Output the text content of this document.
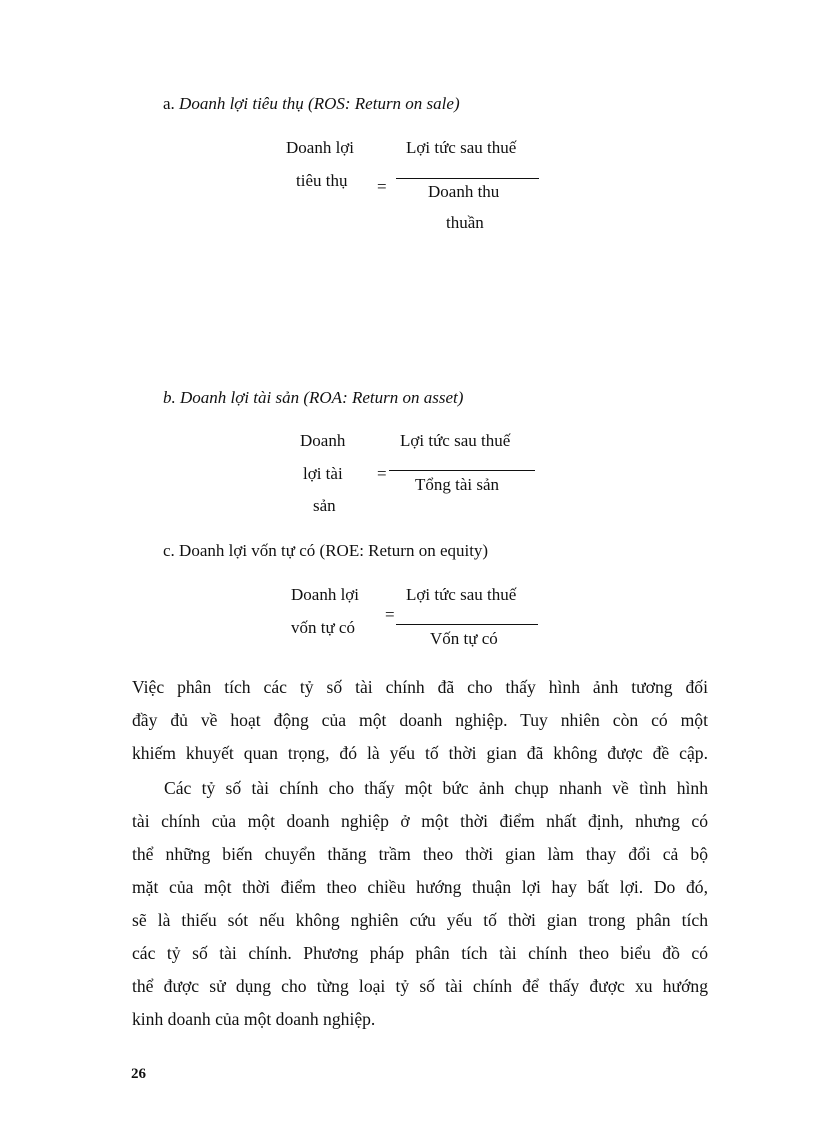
a. Doanh lợi tiêu thụ (ROS: Return on sale)
Doanh lợi
tiêu thụ =
Lợi tức sau thuế
Doanh thu
thuần
b. Doanh lợi tài sản (ROA: Return on asset)
Doanh
lợi tài
sản
=
Lợi tức sau thuế
Tổng tài sản
c. Doanh lợi vốn tự có (ROE: Return on equity)
Doanh lợi
vốn tự có
=
Lợi tức sau thuế
Vốn tự có
Việc phân tích các tỷ số tài chính đã cho thấy hình ảnh tương đối
đầy đủ về hoạt động của một doanh nghiệp. Tuy nhiên còn có một
khiếm khuyết quan trọng, đó là yếu tố thời gian đã không được đề cập.
Các tỷ số tài chính cho thấy một bức ảnh chụp nhanh về tình hình
tài chính của một doanh nghiệp ở một thời điểm nhất định, nhưng có
thể những biến chuyển thăng trầm theo thời gian làm thay đổi cả bộ
mặt của một thời điểm theo chiều hướng thuận lợi hay bất lợi. Do đó,
sẽ là thiếu sót nếu không nghiên cứu yếu tố thời gian trong phân tích
các tỷ số tài chính. Phương pháp phân tích tài chính theo biểu đồ có
thể được sử dụng cho từng loại tỷ số tài chính để thấy được xu hướng
kinh doanh của một doanh nghiệp.
26
